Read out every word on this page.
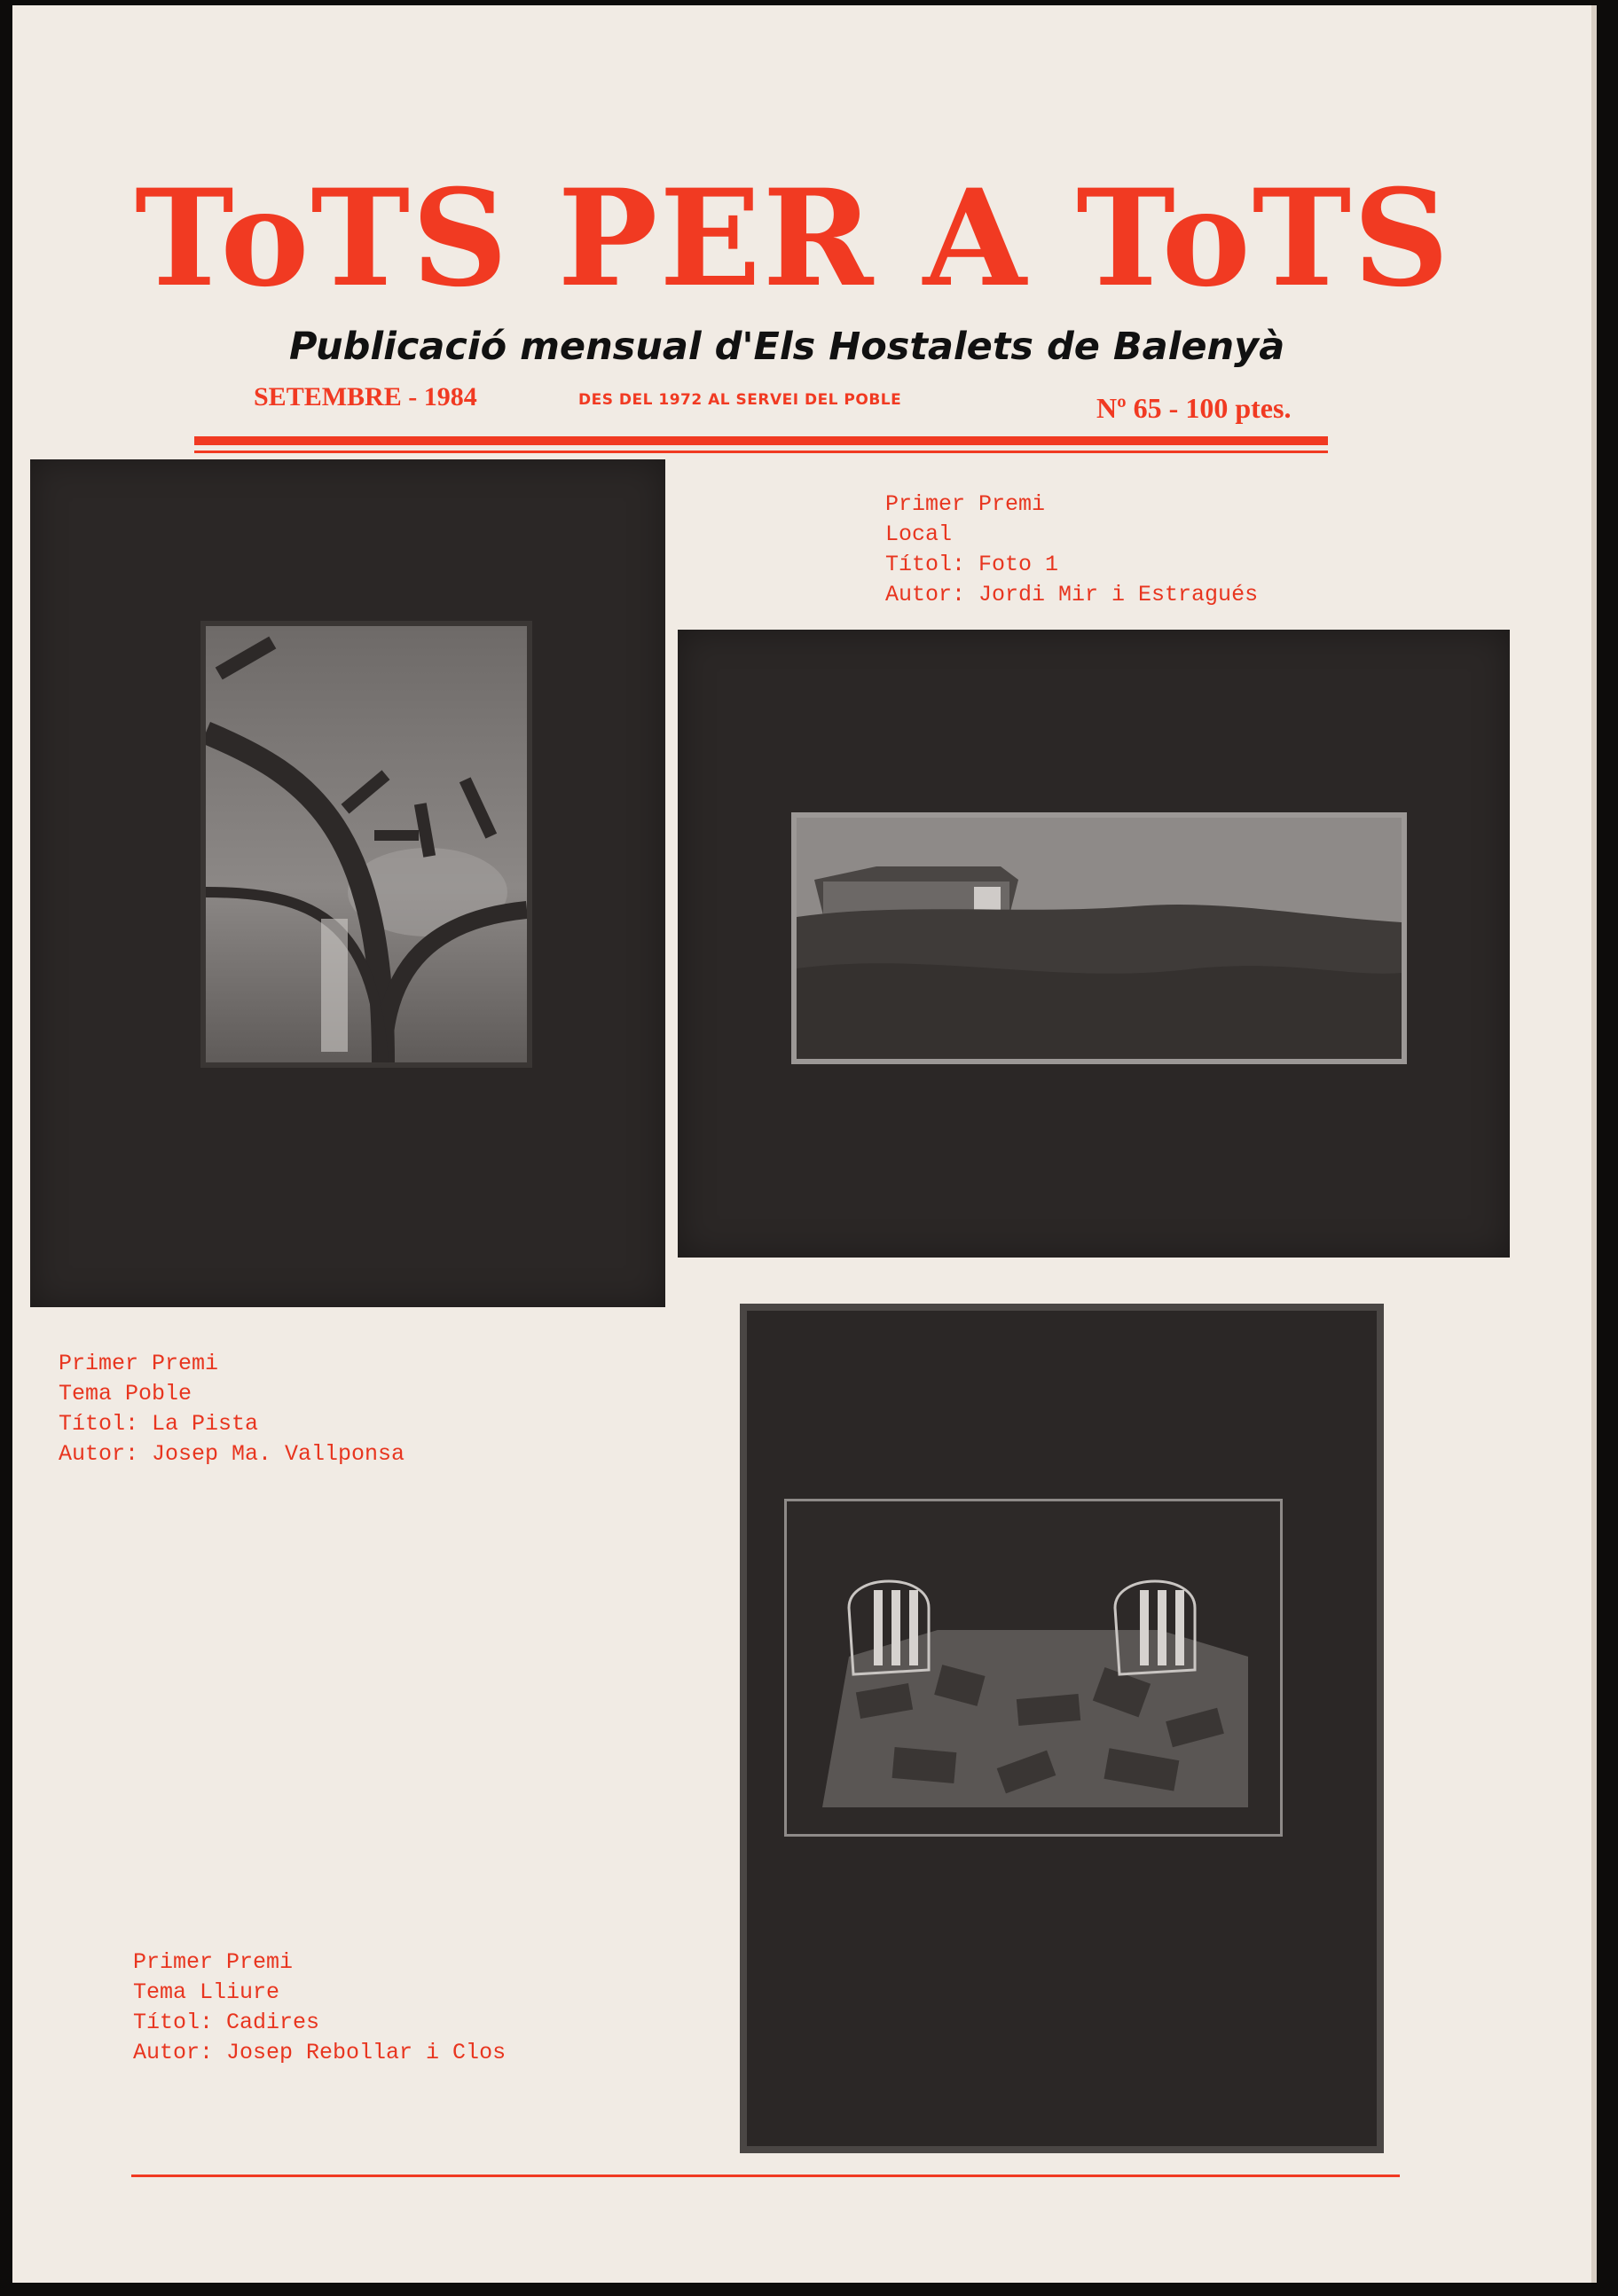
ToTS PER A ToTS
Publicació mensual d'Els Hostalets de Balenyà
SETEMBRE - 1984	DES DEL 1972 AL SERVEI DEL POBLE	Nº 65 - 100 ptes.
Primer Premi
Local
Títol: Foto 1
Autor: Jordi Mir i Estragués
Primer Premi
Tema Poble
Títol: La Pista
Autor: Josep Ma. Vallponsa
Primer Premi
Tema Lliure
Títol: Cadires
Autor: Josep Rebollar i Clos
